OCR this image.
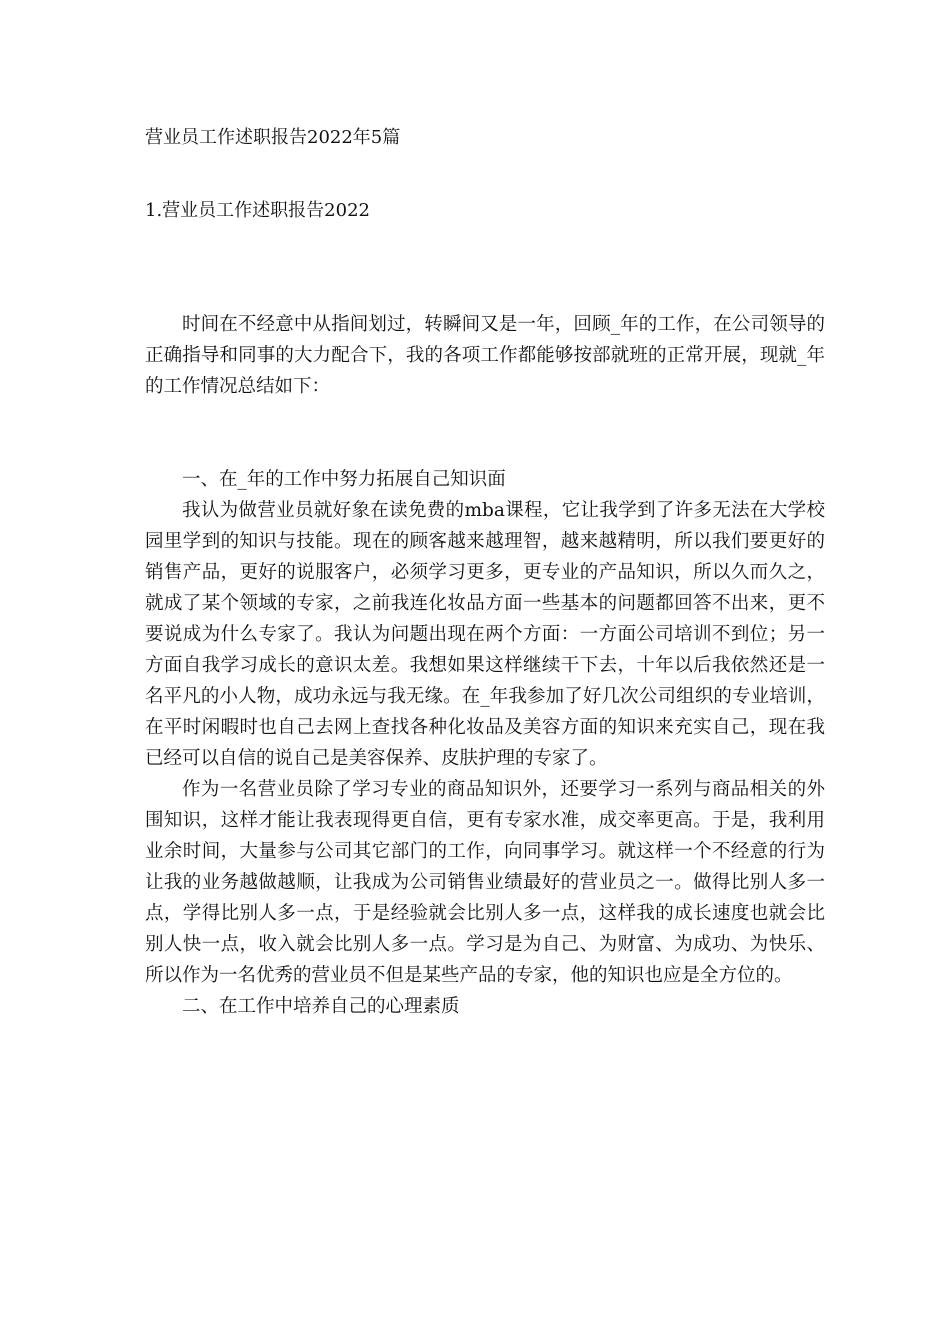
营业员工作述职报告2022年5篇
1.营业员工作述职报告2022

时间在不经意中从指间划过，转瞬间又是一年，回顾_年的工作，在公司领导的正确指导和同事的大力配合下，我的各项工作都能够按部就班的正常开展，现就_年的工作情况总结如下：

一、在_年的工作中努力拓展自己知识面

我认为做营业员就好象在读免费的mba课程，它让我学到了许多无法在大学校园里学到的知识与技能。现在的顾客越来越理智，越来越精明，所以我们要更好的销售产品，更好的说服客户，必须学习更多，更专业的产品知识，所以久而久之，就成了某个领域的专家，之前我连化妆品方面一些基本的问题都回答不出来，更不要说成为什么专家了。我认为问题出现在两个方面：一方面公司培训不到位；另一方面自我学习成长的意识太差。我想如果这样继续干下去，十年以后我依然还是一名平凡的小人物，成功永远与我无缘。在_年我参加了好几次公司组织的专业培训，在平时闲暇时也自己去网上查找各种化妆品及美容方面的知识来充实自己，现在我已经可以自信的说自己是美容保养、皮肤护理的专家了。

作为一名营业员除了学习专业的商品知识外，还要学习一系列与商品相关的外围知识，这样才能让我表现得更自信，更有专家水准，成交率更高。于是，我利用业余时间，大量参与公司其它部门的工作，向同事学习。就这样一个不经意的行为让我的业务越做越顺，让我成为公司销售业绩最好的营业员之一。做得比别人多一点，学得比别人多一点，于是经验就会比别人多一点，这样我的成长速度也就会比别人快一点，收入就会比别人多一点。学习是为自己、为财富、为成功、为快乐、所以作为一名优秀的营业员不但是某些产品的专家，他的知识也应是全方位的。

二、在工作中培养自己的心理素质
